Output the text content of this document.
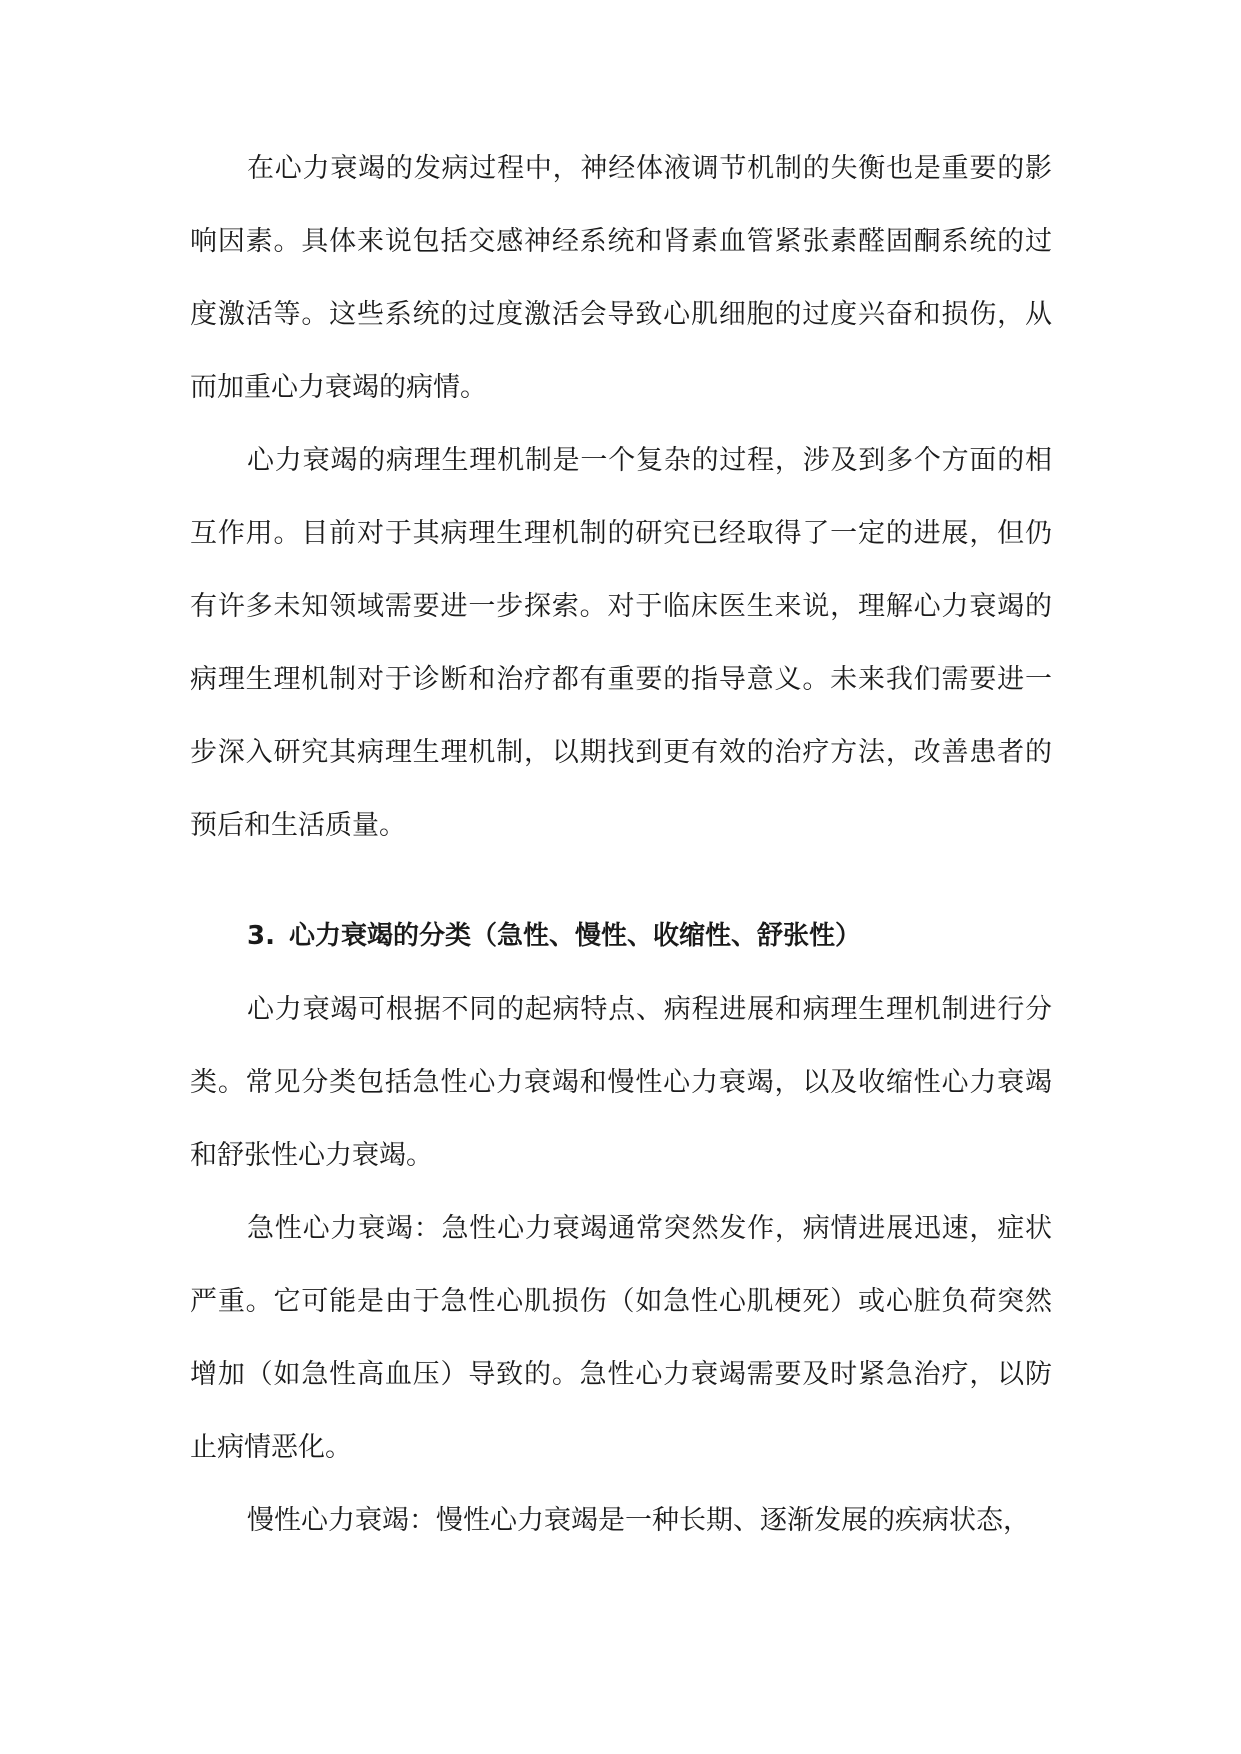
在心力衰竭的发病过程中，神经体液调节机制的失衡也是重要的影响因素。具体来说包括交感神经系统和肾素血管紧张素醛固酮系统的过度激活等。这些系统的过度激活会导致心肌细胞的过度兴奋和损伤，从而加重心力衰竭的病情。

心力衰竭的病理生理机制是一个复杂的过程，涉及到多个方面的相互作用。目前对于其病理生理机制的研究已经取得了一定的进展，但仍有许多未知领域需要进一步探索。对于临床医生来说，理解心力衰竭的病理生理机制对于诊断和治疗都有重要的指导意义。未来我们需要进一步深入研究其病理生理机制，以期找到更有效的治疗方法，改善患者的预后和生活质量。

3. 心力衰竭的分类（急性、慢性、收缩性、舒张性）

心力衰竭可根据不同的起病特点、病程进展和病理生理机制进行分类。常见分类包括急性心力衰竭和慢性心力衰竭，以及收缩性心力衰竭和舒张性心力衰竭。

急性心力衰竭：急性心力衰竭通常突然发作，病情进展迅速，症状严重。它可能是由于急性心肌损伤（如急性心肌梗死）或心脏负荷突然增加（如急性高血压）导致的。急性心力衰竭需要及时紧急治疗，以防止病情恶化。

慢性心力衰竭：慢性心力衰竭是一种长期、逐渐发展的疾病状态，
